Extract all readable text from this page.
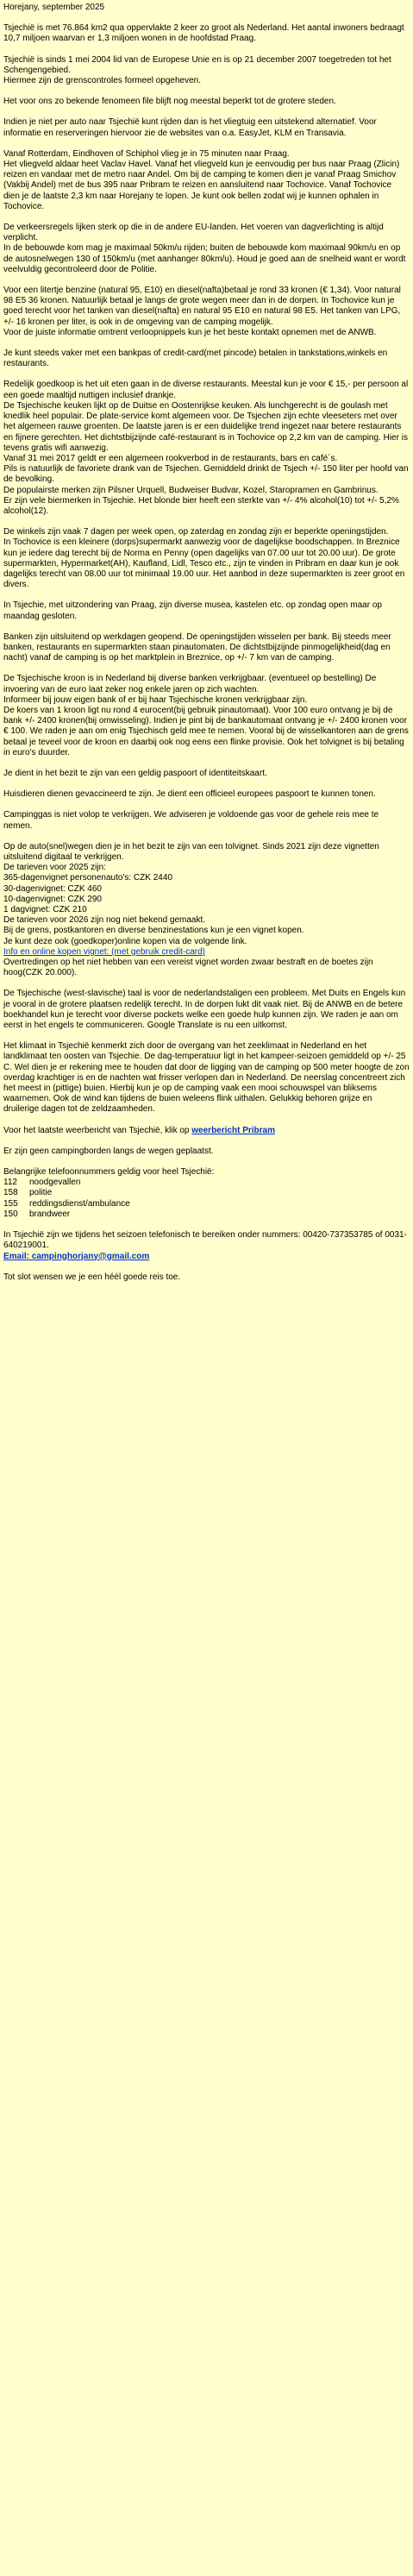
Horejany, september 2025
Tsjechië is met 76.864 km2 qua oppervlakte 2 keer zo groot als Nederland. Het aantal inwoners bedraagt 10,7 miljoen waarvan er 1,3 miljoen wonen in de hoofdstad Praag.
Tsjechië is sinds 1 mei 2004 lid van de Europese Unie en is op 21 december 2007 toegetreden tot het Schengengebied.
Hiermee zijn de grenscontroles formeel opgeheven.
Het voor ons zo bekende fenomeen file blijft nog meestal beperkt tot de grotere steden.
Indien je niet per auto naar Tsjechië kunt rijden dan is het vliegtuig een uitstekend alternatief. Voor informatie en reserveringen hiervoor zie de websites van o.a. EasyJet, KLM en Transavia.
Vanaf Rotterdam, Eindhoven of Schiphol vlieg je in 75 minuten naar Praag.
Het vliegveld aldaar heet Vaclav Havel. Vanaf het vliegveld kun je eenvoudig per bus naar Praag (Zlicin) reizen en vandaar met de metro naar Andel. Om bij de camping te komen dien je vanaf Praag Smichov (Vakbij Andel) met de bus 395 naar Pribram te reizen en aansluitend naar Tochovice. Vanaf Tochovice dien je de laatste 2,3 km naar Horejany te lopen. Je kunt ook bellen zodat wij je kunnen ophalen in Tochovice.
De verkeersregels lijken sterk op die in de andere EU-landen. Het voeren van dagverlichting is altijd verplicht.
In de bebouwde kom mag je maximaal 50km/u rijden; buiten de bebouwde kom maximaal 90km/u en op de autosnelwegen 130 of 150km/u (met aanhanger 80km/u). Houd je goed aan de snelheid want er wordt veelvuldig gecontroleerd door de Politie.
Voor een litertje benzine (natural 95, E10) en diesel(nafta)betaal je rond 33 kronen (€ 1,34). Voor natural 98 E5 36 kronen. Natuurlijk betaal je langs de grote wegen meer dan in de dorpen. In Tochovice kun je goed terecht voor het tanken van diesel(nafta) en natural 95 E10 en natural 98 E5. Het tanken van LPG, +/- 16 kronen per liter, is ook in de omgeving van de camping mogelijk.
Voor de juiste informatie omtrent verloopnippels kun je het beste kontakt opnemen met de ANWB.
Je kunt steeds vaker met een bankpas of credit-card(met pincode) betalen in tankstations,winkels en restaurants.
Redelijk goedkoop is het uit eten gaan in de diverse restaurants. Meestal kun je voor € 15,- per persoon al een goede maaltijd nuttigen inclusief drankje.
De Tsjechische keuken lijkt op de Duitse en Oostenrijkse keuken. Als lunchgerecht is de goulash met knedlik heel populair. De plate-service komt algemeen voor. De Tsjechen zijn echte vleeseters met over het algemeen rauwe groenten. De laatste jaren is er een duidelijke trend ingezet naar betere restaurants en fijnere gerechten. Het dichtstbijzijnde café-restaurant is in Tochovice op 2,2 km van de camping. Hier is tevens gratis wifi aanwezig.
Vanaf 31 mei 2017 geldt er een algemeen rookverbod in de restaurants, bars en café´s.
Pils is natuurlijk de favoriete drank van de Tsjechen. Gemiddeld drinkt de Tsjech +/- 150 liter per hoofd van de bevolking.
De populairste merken zijn Pilsner Urquell, Budweiser Budvar, Kozel, Staropramen en Gambrinus.
Er zijn vele biermerken in Tsjechie. Het blonde bier heeft een sterkte van +/- 4% alcohol(10) tot +/- 5,2% alcohol(12).
De winkels zijn vaak 7 dagen per week open, op zaterdag en zondag zijn er beperkte openingstijden.
In Tochovice is een kleinere (dorps)supermarkt aanwezig voor de dagelijkse boodschappen. In Breznice kun je iedere dag terecht bij de Norma en Penny (open dagelijks van 07.00 uur tot 20.00 uur). De grote supermarkten, Hypermarket(AH), Kaufland, Lidl, Tesco etc., zijn te vinden in Pribram en daar kun je ook dagelijks terecht van 08.00 uur tot minimaal 19.00 uur. Het aanbod in deze supermarkten is zeer groot en divers.
In Tsjechie, met uitzondering van Praag, zijn diverse musea, kastelen etc. op zondag open maar op maandag gesloten.
Banken zijn uitsluitend op werkdagen geopend. De openingstijden wisselen per bank. Bij steeds meer banken, restaurants en supermarkten staan pinautomaten. De dichtstbijzijnde pinmogelijkheid(dag en nacht) vanaf de camping is op het marktplein in Breznice, op +/- 7 km van de camping.
De Tsjechische kroon is in Nederland bij diverse banken verkrijgbaar. (eventueel op bestelling) De invoering van de euro laat zeker nog enkele jaren op zich wachten.
Informeer bij jouw eigen bank of er bij haar Tsjechische kronen verkrijgbaar zijn.
De koers van 1 kroon ligt nu rond 4 eurocent(bij gebruik pinautomaat). Voor 100 euro ontvang je bij de bank +/- 2400 kronen(bij omwisseling). Indien je pint bij de bankautomaat ontvang je +/- 2400 kronen voor € 100. We raden je aan om enig Tsjechisch geld mee te nemen. Vooral bij de wisselkantoren aan de grens betaal je teveel voor de kroon en daarbij ook nog eens een flinke provisie. Ook het tolvignet is bij betaling in euro's duurder.
Je dient in het bezit te zijn van een geldig paspoort of identiteitskaart.
Huisdieren dienen gevaccineerd te zijn. Je dient een officieel europees paspoort te kunnen tonen.
Campinggas is niet volop te verkrijgen. We adviseren je voldoende gas voor de gehele reis mee te nemen.
Op de auto(snel)wegen dien je in het bezit te zijn van een tolvignet. Sinds 2021 zijn deze vignetten uitsluitend digitaal te verkrijgen.
De tarieven voor 2025 zijn:
365-dagenvignet personenauto's: CZK 2440
30-dagenvignet: CZK 460
10-dagenvignet: CZK 290
1 dagvignet: CZK 210
De tarieven voor 2026 zijn nog niet bekend gemaakt.
Bij de grens, postkantoren en diverse benzinestations kun je een vignet kopen.
Je kunt deze ook (goedkoper)online kopen via de volgende link.
Info en online kopen vignet: (met gebruik credit-card)
Overtredingen op het niet hebben van een vereist vignet worden zwaar bestraft en de boetes zijn hoog(CZK 20.000).
De Tsjechische (west-slavische) taal is voor de nederlandstaligen een probleem. Met Duits en Engels kun je vooral in de grotere plaatsen redelijk terecht. In de dorpen lukt dit vaak niet. Bij de ANWB en de betere boekhandel kun je terecht voor diverse pockets welke een goede hulp kunnen zijn. We raden je aan om eerst in het engels te communiceren. Google Translate is nu een uitkomst.
Het klimaat in Tsjechië kenmerkt zich door de overgang van het zeeklimaat in Nederland en het landklimaat ten oosten van Tsjechie. De dag-temperatuur ligt in het kampeer-seizoen gemiddeld op +/- 25 C. Wel dien je er rekening mee te houden dat door de ligging van de camping op 500 meter hoogte de zon overdag krachtiger is en de nachten wat frisser verlopen dan in Nederland. De neerslag concentreert zich het meest in (pittige) buien. Hierbij kun je op de camping vaak een mooi schouwspel van bliksems waarnemen. Ook de wind kan tijdens de buien weleens flink uithalen. Gelukkig behoren grijze en druilerige dagen tot de zeldzaamheden.
Voor het laatste weerbericht van Tsjechië, klik op weerbericht Pribram
Er zijn geen campingborden langs de wegen geplaatst.
Belangrijke telefoonnummers geldig voor heel Tsjechië:
112	noodgevallen
158	politie
155	reddingsdienst/ambulance
150	brandweer
In Tsjechië zijn we tijdens het seizoen telefonisch te bereiken onder nummers: 00420-737353785 of 0031-640219001.
Email: campinghorjany@gmail.com
Tot slot wensen we je een héél goede reis toe.
